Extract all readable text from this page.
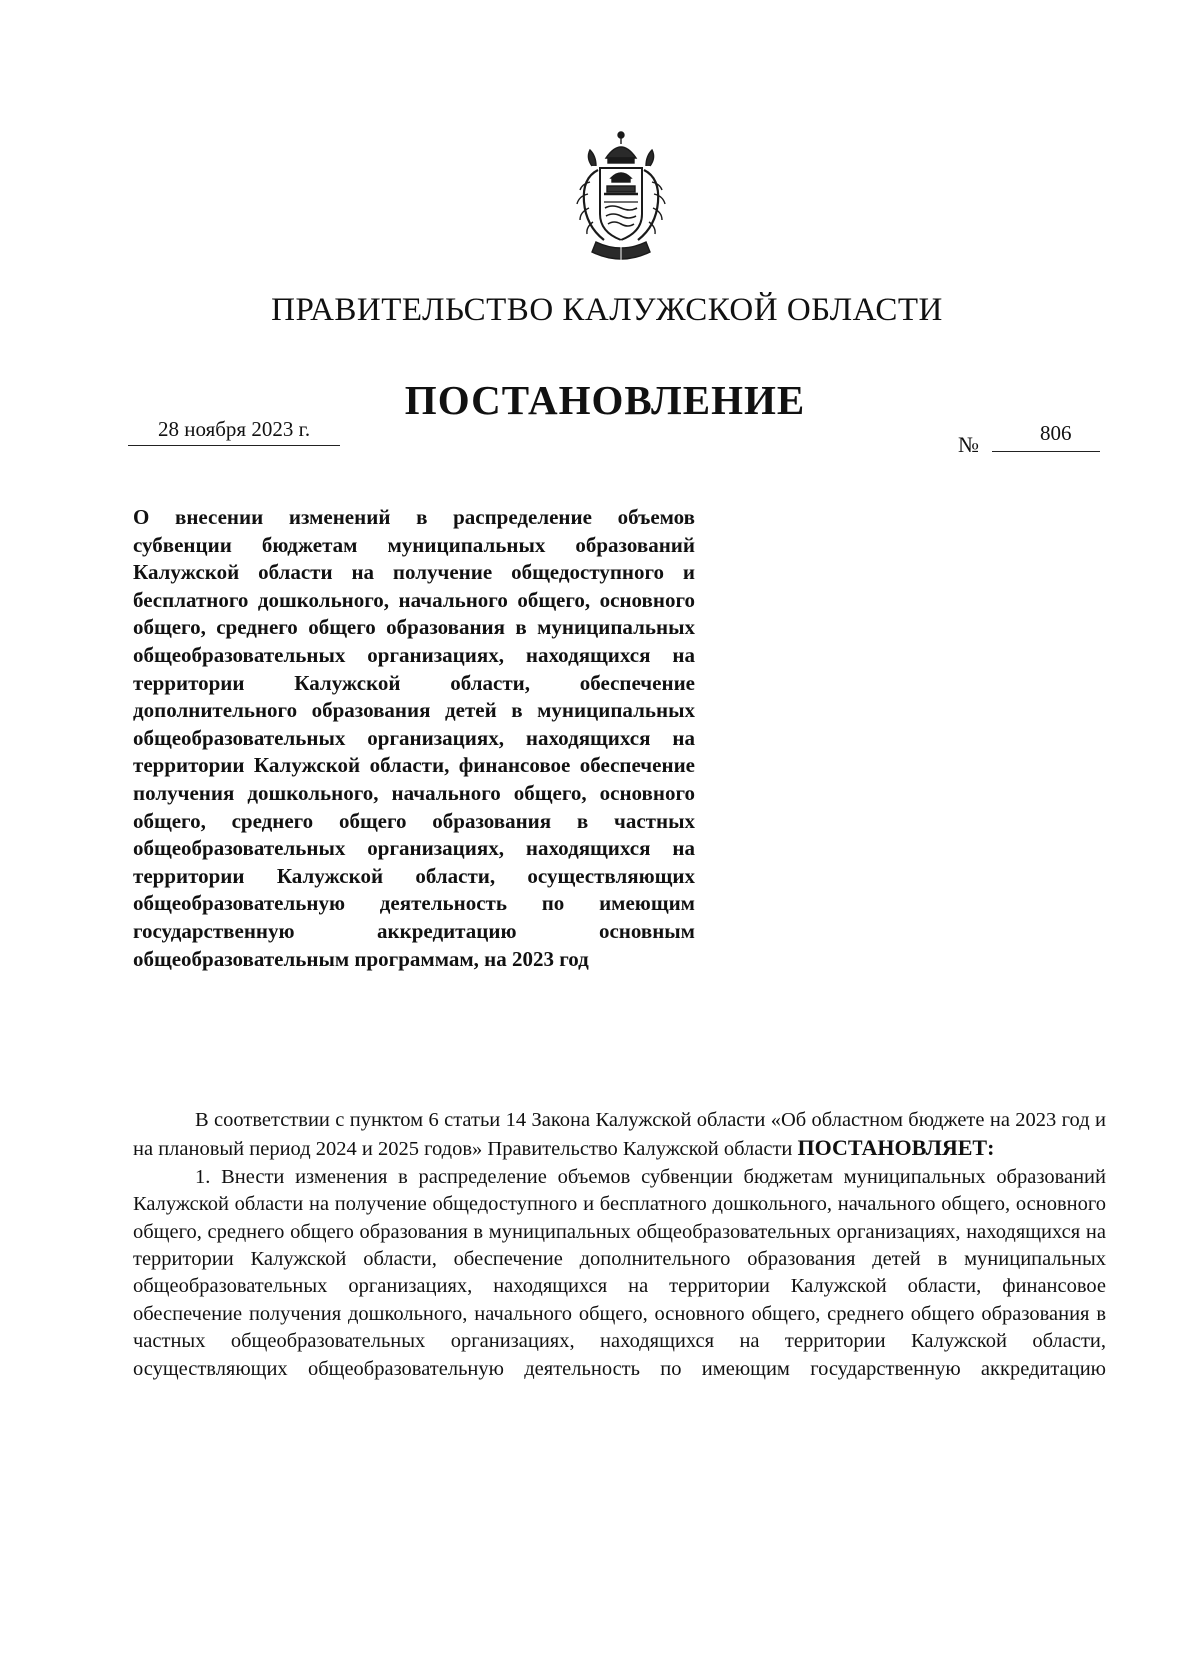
ПРАВИТЕЛЬСТВО КАЛУЖСКОЙ ОБЛАСТИ
ПОСТАНОВЛЕНИЕ
28 ноября 2023 г.
№	806
О внесении изменений в распределение объемов субвенции бюджетам муниципальных образований Калужской области на получение общедоступного и бесплатного дошкольного, начального общего, основного общего, среднего общего образования в муниципальных общеобразовательных организациях, находящихся на территории Калужской области, обеспечение дополнительного образования детей в муниципальных общеобразовательных организациях, находящихся на территории Калужской области, финансовое обеспечение получения дошкольного, начального общего, основного общего, среднего общего образования в частных общеобразовательных организациях, находящихся на территории Калужской области, осуществляющих общеобразовательную деятельность по имеющим государственную аккредитацию основным общеобразовательным программам, на 2023 год

В соответствии с пунктом 6 статьи 14 Закона Калужской области «Об областном бюджете на 2023 год и на плановый период 2024 и 2025 годов» Правительство Калужской области ПОСТАНОВЛЯЕТ:

1. Внести изменения в распределение объемов субвенции бюджетам муниципальных образований Калужской области на получение общедоступного и бесплатного дошкольного, начального общего, основного общего, среднего общего образования в муниципальных общеобразовательных организациях, находящихся на территории Калужской области, обеспечение дополнительного образования детей в муниципальных общеобразовательных организациях, находящихся на территории Калужской области, финансовое обеспечение получения дошкольного, начального общего, основного общего, среднего общего образования в частных общеобразовательных организациях, находящихся на территории Калужской области, осуществляющих общеобразовательную деятельность по имеющим государственную аккредитацию
